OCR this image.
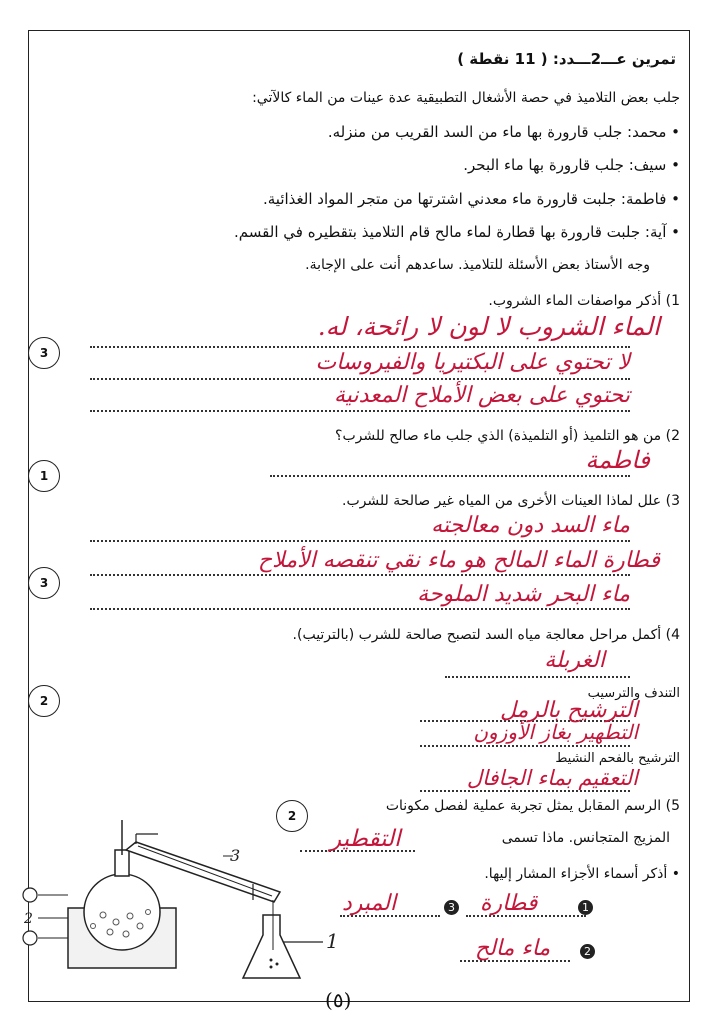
تمرين عـــ2ـــدد: ( 11 نقطة )
جلب بعض التلاميذ في حصة الأشغال التطبيقية عدة عينات من الماء كالآتي:
• محمد: جلب قارورة بها ماء من السد القريب من منزله.
• سيف: جلب قارورة بها ماء البحر.
• فاطمة: جلبت قارورة ماء معدني اشترتها من متجر المواد الغذائية.
• آية: جلبت قارورة بها قطارة لماء مالح قام التلاميذ بتقطيره في القسم.
وجه الأستاذ بعض الأسئلة للتلاميذ. ساعدهم أنت على الإجابة.
1) أذكر مواصفات الماء الشروب.
3
الماء الشروب لا لون لا رائحة، له.
لا تحتوي على البكتيريا والفيروسات
تحتوي على بعض الأملاح المعدنية
2) من هو التلميذ (أو التلميذة) الذي جلب ماء صالح للشرب؟
1
فاطمة
3) علل لماذا العينات الأخرى من المياه غير صالحة للشرب.
3
ماء السد دون معالجته
قطارة الماء المالح هو ماء نقي تنقصه الأملاح
ماء البحر شديد الملوحة
4) أكمل مراحل معالجة مياه السد لتصبح صالحة للشرب (بالترتيب).
2
الغربلة
التندف والترسيب
الترشيح بالرمل
التطهير بغاز الأوزون
الترشيح بالفحم النشيط
التعقيم بماء الجافال
2
5) الرسم المقابل يمثل تجربة عملية لفصل مكونات
المزيج المتجانس. ماذا تسمى
التقطير
• أذكر أسماء الأجزاء المشار إليها.
المبرد	3 قطارة	1
ماء مالح	2
1
2
3
(٥)
